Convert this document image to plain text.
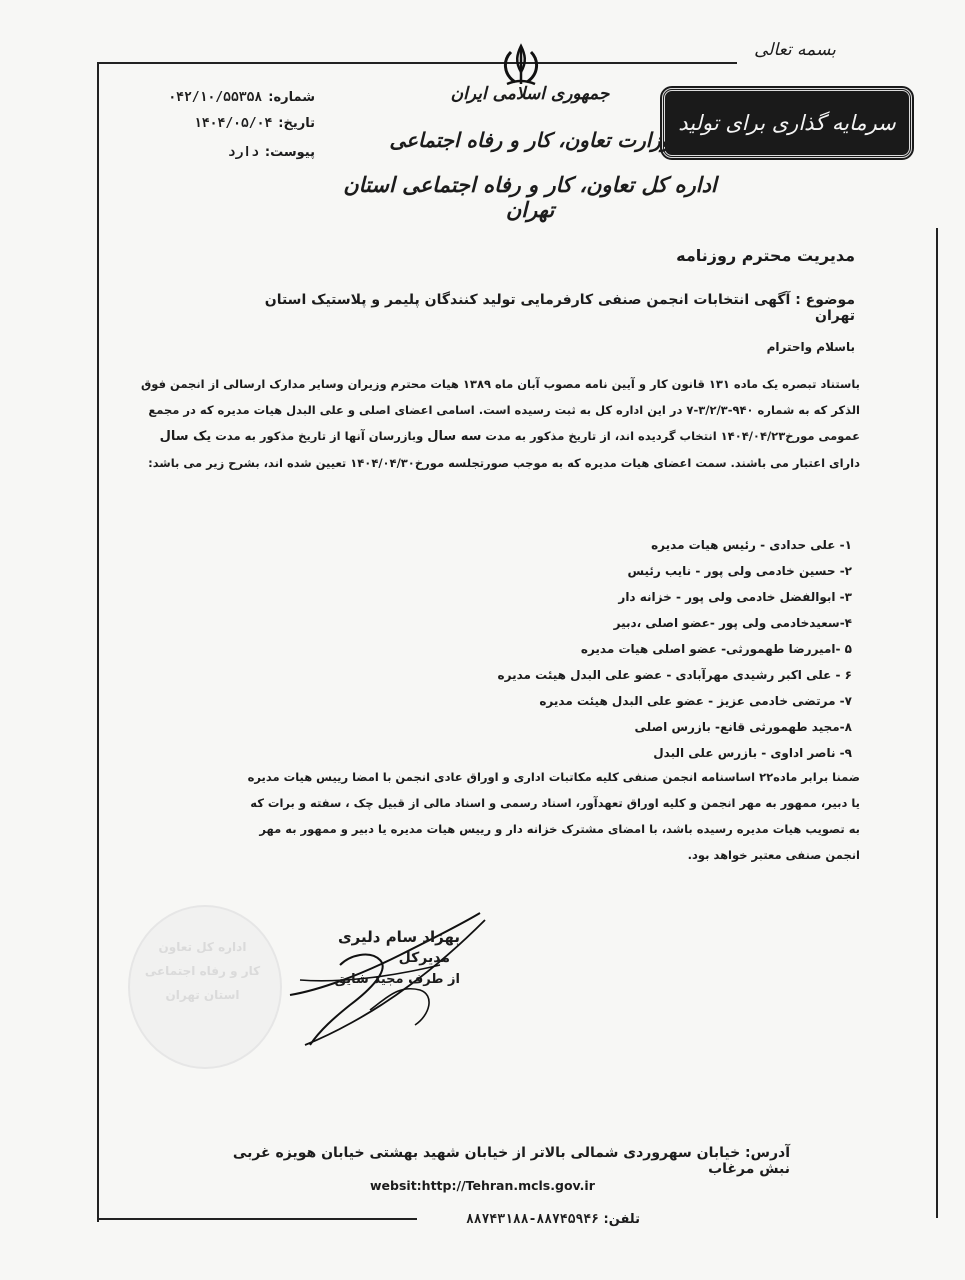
بسمه تعالی
سرمایه گذاری برای تولید
جمهوری اسلامی ایران
وزارت تعاون، کار و رفاه اجتماعی
اداره کل تعاون، کار و رفاه اجتماعی استان تهران
شماره:۰۴۲/۱۰/۵۵۳۵۸
تاریخ:۱۴۰۴/۰۵/۰۴
پیوست:دارد
مدیریت محترم روزنامه
موضوع : آگهی انتخابات انجمن صنفی کارفرمایی تولید کنندگان پلیمر و پلاستیک استان تهران
باسلام واحترام
باستناد تبصره یک ماده ۱۳۱ قانون کار و آیین نامه مصوب آبان ماه ۱۳۸۹ هیات محترم وزیران وسایر مدارک ارسالی از انجمن فوق الذکر که به شماره ۹۴۰-۳/۲/۳-۷ در این اداره کل به ثبت رسیده است. اسامی اعضای اصلی و علی البدل هیات مدیره که در مجمع عمومی مورخ۱۴۰۴/۰۴/۲۳ انتخاب گردیده اند، از تاریخ مذکور به مدت سه سال وبازرسان آنها از تاریخ مذکور به مدت یک سال دارای اعتبار می باشند. سمت اعضای هیات مدیره که به موجب صورتجلسه مورخ۱۴۰۴/۰۴/۳۰ تعیین شده اند، بشرح زیر می باشد:
۱- علی حدادی - رئیس هیات مدیره
۲- حسین خادمی ولی پور - نایب رئیس
۳- ابوالفضل خادمی ولی پور - خزانه دار
۴-سعیدخادمی ولی پور -عضو اصلی ،دبیر
۵ -امیررضا طهمورثی- عضو اصلی هیات مدیره
۶ - علی اکبر رشیدی مهرآبادی - عضو علی البدل هیئت مدیره
۷- مرتضی خادمی عزیز - عضو علی البدل هیئت مدیره
۸-مجید طهمورثی قانع- بازرس اصلی
۹- ناصر اداوی - بازرس علی البدل
ضمنا برابر ماده۲۲ اساسنامه انجمن صنفی کلیه مکاتبات اداری و اوراق عادی انجمن با امضا رییس هیات مدیره یا دبیر، ممهور به مهر انجمن و کلیه اوراق تعهدآور، اسناد رسمی و اسناد مالی از قبیل چک ، سفته و برات که به تصویب هیات مدیره رسیده باشد، با امضای مشترک خزانه دار و رییس هیات مدیره یا دبیر و ممهور به مهر انجمن صنفی معتبر خواهد بود.
اداره کل تعاون
کار و رفاه اجتماعی
استان تهران
بهزاد سام دلیری
مدیرکل
از طرف مجید شایق
آدرس: خیابان سهروردی شمالی بالاتر از خیابان شهید بهشتی خیابان هویزه غربی نبش مرغاب
websit:http://Tehran.mcls.gov.ir
تلفن: ۸۸۷۴۵۹۴۶-۸۸۷۴۳۱۸۸
